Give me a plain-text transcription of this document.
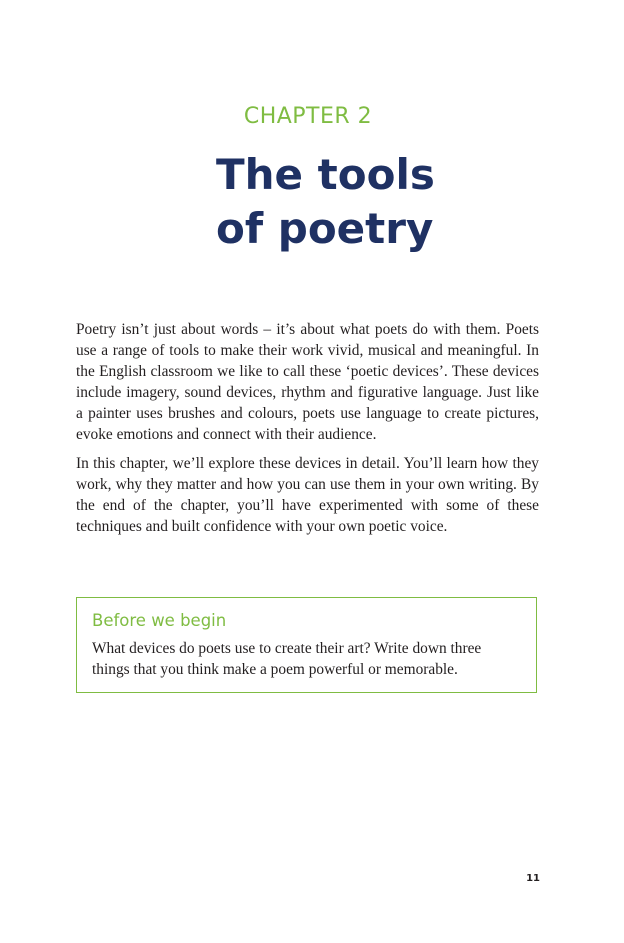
CHAPTER 2
The tools
of poetry

Poetry isn’t just about words – it’s about what poets do with them. Poets use a range of tools to make their work vivid, musical and meaningful. In the English classroom we like to call these ‘poetic devices’. These devices include imagery, sound devices, rhythm and figurative language. Just like a painter uses brushes and colours, poets use language to create pictures, evoke emotions and connect with their audience.

In this chapter, we’ll explore these devices in detail. You’ll learn how they work, why they matter and how you can use them in your own writing. By the end of the chapter, you’ll have experimented with some of these techniques and built confidence with your own poetic voice.

Before we begin

What devices do poets use to create their art? Write down three things that you think make a poem powerful or memorable.

11
